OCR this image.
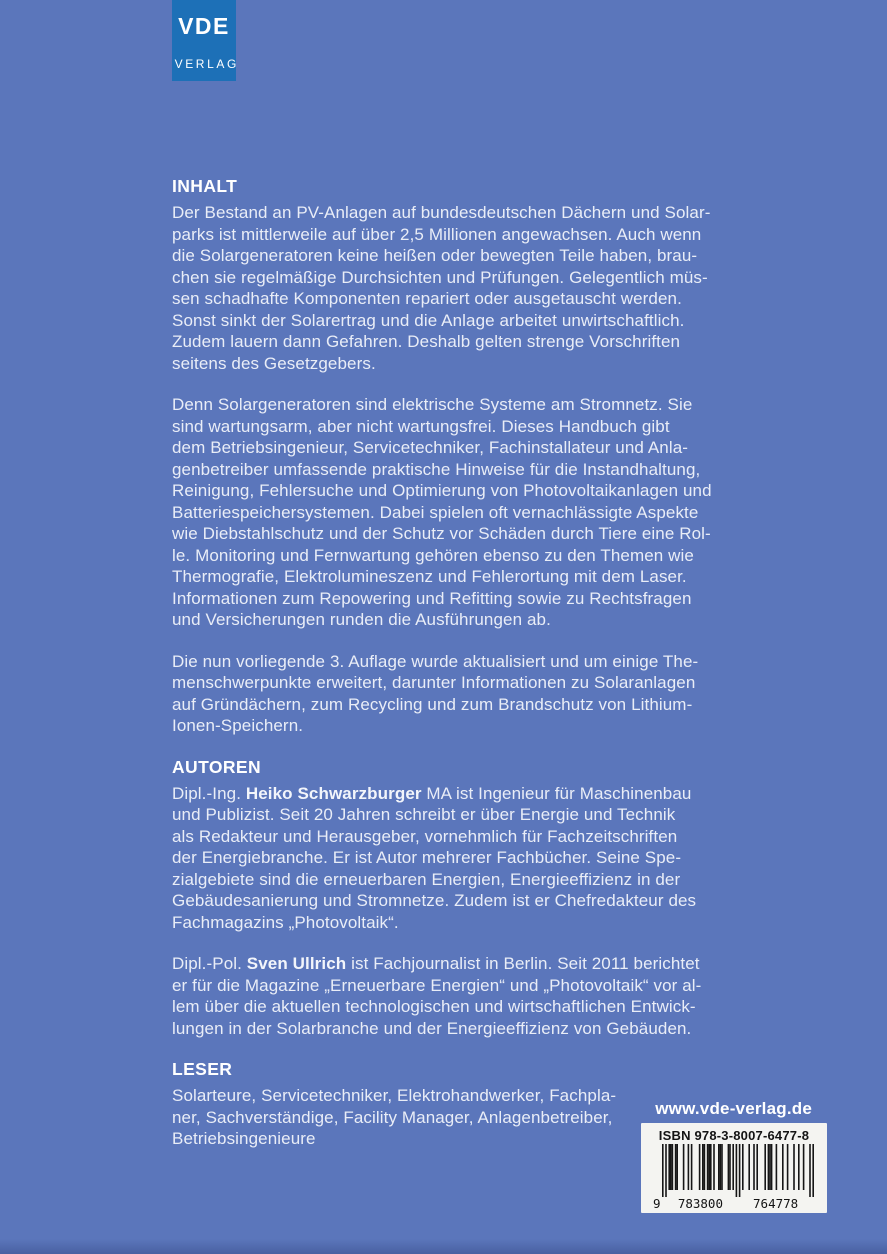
VDE
VERLAG
INHALT

Der Bestand an PV-Anlagen auf bundesdeutschen Dächern und Solar-
parks ist mittlerweile auf über 2,5 Millionen angewachsen. Auch wenn
die Solargeneratoren keine heißen oder bewegten Teile haben, brau-
chen sie regelmäßige Durchsichten und Prüfungen. Gelegentlich müs-
sen schadhafte Komponenten repariert oder ausgetauscht werden.
Sonst sinkt der Solarertrag und die Anlage arbeitet unwirtschaftlich.
Zudem lauern dann Gefahren. Deshalb gelten strenge Vorschriften
seitens des Gesetzgebers.

Denn Solargeneratoren sind elektrische Systeme am Stromnetz. Sie
sind wartungsarm, aber nicht wartungsfrei. Dieses Handbuch gibt
dem Betriebsingenieur, Servicetechniker, Fachinstallateur und Anla-
genbetreiber umfassende praktische Hinweise für die Instandhaltung,
Reinigung, Fehlersuche und Optimierung von Photovoltaikanlagen und
Batteriespeichersystemen. Dabei spielen oft vernachlässigte Aspekte
wie Diebstahlschutz und der Schutz vor Schäden durch Tiere eine Rol-
le. Monitoring und Fernwartung gehören ebenso zu den Themen wie
Thermografie, Elektrolumineszenz und Fehlerortung mit dem Laser.
Informationen zum Repowering und Refitting sowie zu Rechtsfragen
und Versicherungen runden die Ausführungen ab.

Die nun vorliegende 3. Auflage wurde aktualisiert und um einige The-
menschwerpunkte erweitert, darunter Informationen zu Solaranlagen
auf Gründächern, zum Recycling und zum Brandschutz von Lithium-
Ionen-Speichern.

AUTOREN

Dipl.-Ing. Heiko Schwarzburger MA ist Ingenieur für Maschinenbau
und Publizist. Seit 20 Jahren schreibt er über Energie und Technik
als Redakteur und Herausgeber, vornehmlich für Fachzeitschriften
der Energiebranche. Er ist Autor mehrerer Fachbücher. Seine Spe-
zialgebiete sind die erneuerbaren Energien, Energieeffizienz in der
Gebäudesanierung und Stromnetze. Zudem ist er Chefredakteur des
Fachmagazins „Photovoltaik“.

Dipl.-Pol. Sven Ullrich ist Fachjournalist in Berlin. Seit 2011 berichtet
er für die Magazine „Erneuerbare Energien“ und „Photovoltaik“ vor al-
lem über die aktuellen technologischen und wirtschaftlichen Entwick-
lungen in der Solarbranche und der Energieeffizienz von Gebäuden.

LESER

Solarteure, Servicetechniker, Elektrohandwerker, Fachpla-
ner, Sachverständige, Facility Manager, Anlagenbetreiber,
Betriebsingenieure

www.vde-verlag.de
ISBN 978-3-8007-6477-8
9 783800 764778
